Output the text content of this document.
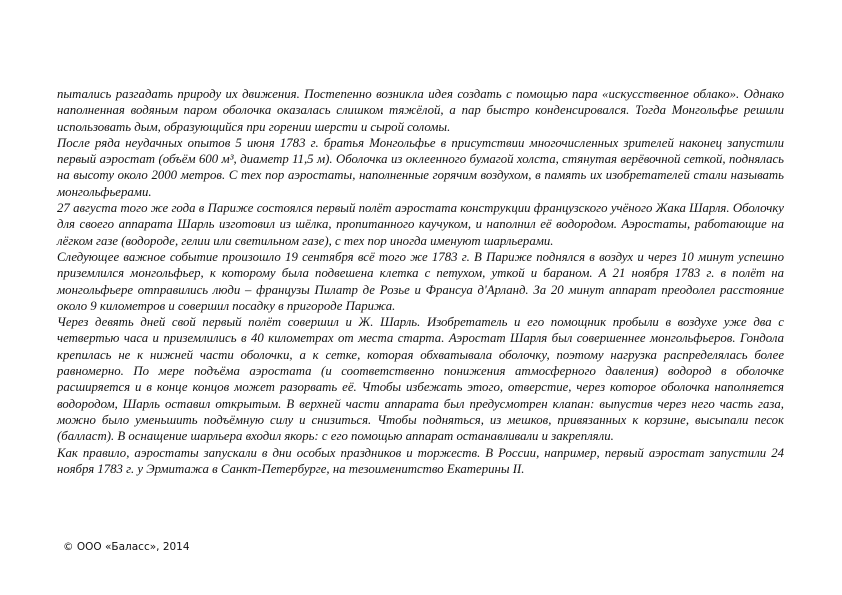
пытались разгадать природу их движения. Постепенно возникла идея создать с помощью пара «искусственное облако». Однако наполненная водяным паром оболочка оказалась слишком тяжёлой, а пар быстро конденсировался. Тогда Монгольфье решили использовать дым, образующийся при горении шерсти и сырой соломы.

После ряда неудачных опытов 5 июня 1783 г. братья Монгольфье в присутствии многочисленных зрителей наконец запустили первый аэростат (объём 600 м³, диаметр 11,5 м). Оболочка из оклеенного бумагой холста, стянутая верёвочной сеткой, поднялась на высоту около 2000 метров. С тех пор аэростаты, наполненные горячим воздухом, в память их изобретателей стали называть монгольфьерами.

27 августа того же года в Париже состоялся первый полёт аэростата конструкции французского учёного Жака Шарля. Оболочку для своего аппарата Шарль изготовил из шёлка, пропитанного каучуком, и наполнил её водородом. Аэростаты, работающие на лёгком газе (водороде, гелии или светильном газе), с тех пор иногда именуют шарльерами.

Следующее важное событие произошло 19 сентября всё того же 1783 г. В Париже поднялся в воздух и через 10 минут успешно приземлился монгольфьер, к которому была подвешена клетка с петухом, уткой и бараном. А 21 ноября 1783 г. в полёт на монгольфьере отправились люди – французы Пилатр де Розье и Франсуа д'Арланд. За 20 минут аппарат преодолел расстояние около 9 километров и совершил посадку в пригороде Парижа.

Через девять дней свой первый полёт совершил и Ж. Шарль. Изобретатель и его помощник пробыли в воздухе уже два с четвертью часа и приземлились в 40 километрах от места старта. Аэростат Шарля был совершеннее монгольфьеров. Гондола крепилась не к нижней части оболочки, а к сетке, которая обхватывала оболочку, поэтому нагрузка распределялась более равномерно. По мере подъёма аэростата (и соответственно понижения атмосферного давления) водород в оболочке расширяется и в конце концов может разорвать её. Чтобы избежать этого, отверстие, через которое оболочка наполняется водородом, Шарль оставил открытым. В верхней части аппарата был предусмотрен клапан: выпустив через него часть газа, можно было уменьшить подъёмную силу и снизиться. Чтобы подняться, из мешков, привязанных к корзине, высыпали песок (балласт). В оснащение шарльера входил якорь: с его помощью аппарат останавливали и закрепляли.

Как правило, аэростаты запускали в дни особых праздников и торжеств. В России, например, первый аэростат запустили 24 ноября 1783 г. у Эрмитажа в Санкт-Петербурге, на тезоименитство Екатерины II.

© ООО «Баласс», 2014
